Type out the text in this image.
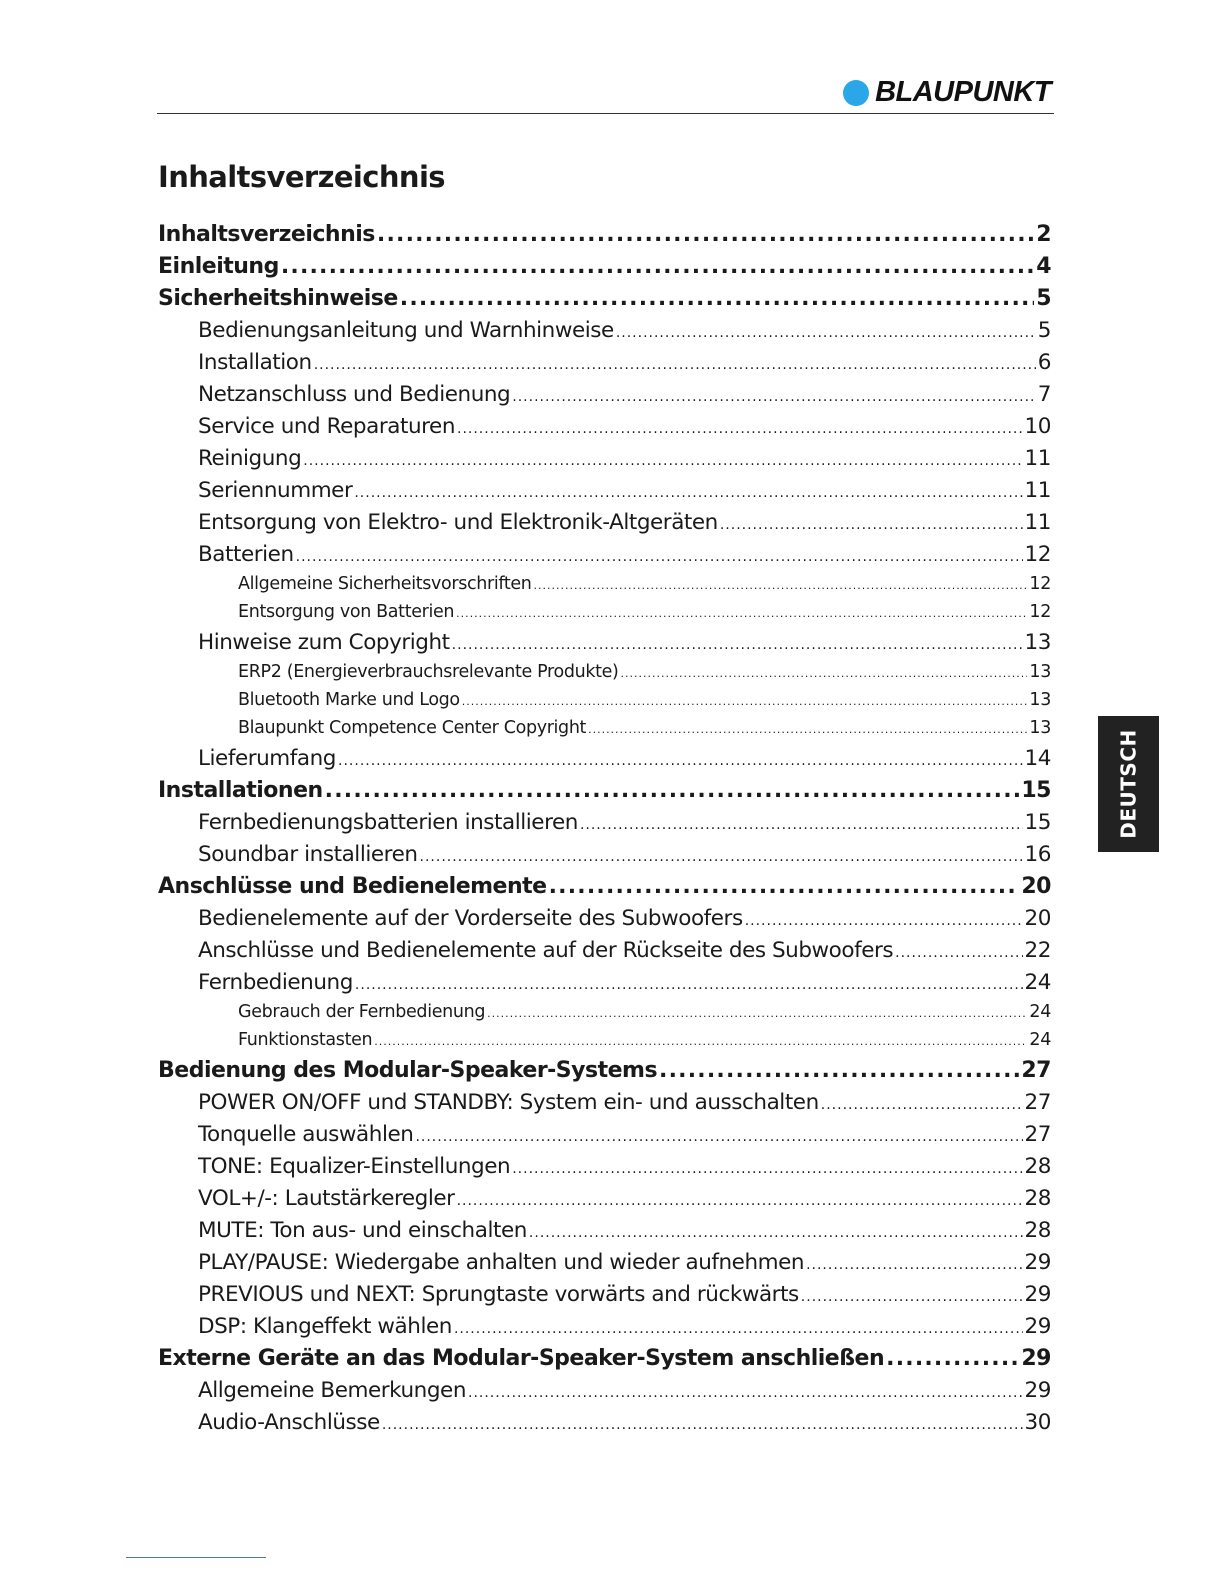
BLAUPUNKT
Inhaltsverzeichnis
Inhaltsverzeichnis .....	2
Einleitung .....	4
Sicherheitshinweise .....	5
Bedienungsanleitung und Warnhinweise .....	5
Installation .....	6
Netzanschluss und Bedienung .....	7
Service und Reparaturen .....	10
Reinigung .....	11
Seriennummer .....	11
Entsorgung von Elektro- und Elektronik-Altgeräten .....	11
Batterien .....	12
Allgemeine Sicherheitsvorschriften .....	12
Entsorgung von Batterien .....	12
Hinweise zum Copyright .....	13
ERP2 (Energieverbrauchsrelevante Produkte) .....	13
Bluetooth Marke und Logo .....	13
Blaupunkt Competence Center Copyright .....	13
Lieferumfang .....	14
Installationen .....	15
Fernbedienungsbatterien installieren .....	15
Soundbar installieren .....	16
Anschlüsse und Bedienelemente .....	20
Bedienelemente auf der Vorderseite des Subwoofers .....	20
Anschlüsse und Bedienelemente auf der Rückseite des Subwoofers .....	22
Fernbedienung .....	24
Gebrauch der Fernbedienung .....	24
Funktionstasten .....	24
Bedienung des Modular-Speaker-Systems .....	27
POWER ON/OFF und STANDBY: System ein- und ausschalten .....	27
Tonquelle auswählen .....	27
TONE: Equalizer-Einstellungen .....	28
VOL+/-: Lautstärkeregler .....	28
MUTE: Ton aus- und einschalten .....	28
PLAY/PAUSE: Wiedergabe anhalten und wieder aufnehmen .....	29
PREVIOUS und NEXT: Sprungtaste vorwärts and rückwärts .....	29
DSP: Klangeffekt wählen .....	29
Externe Geräte an das Modular-Speaker-System anschließen .....	29
Allgemeine Bemerkungen .....	29
Audio-Anschlüsse .....	30
DEUTSCH
